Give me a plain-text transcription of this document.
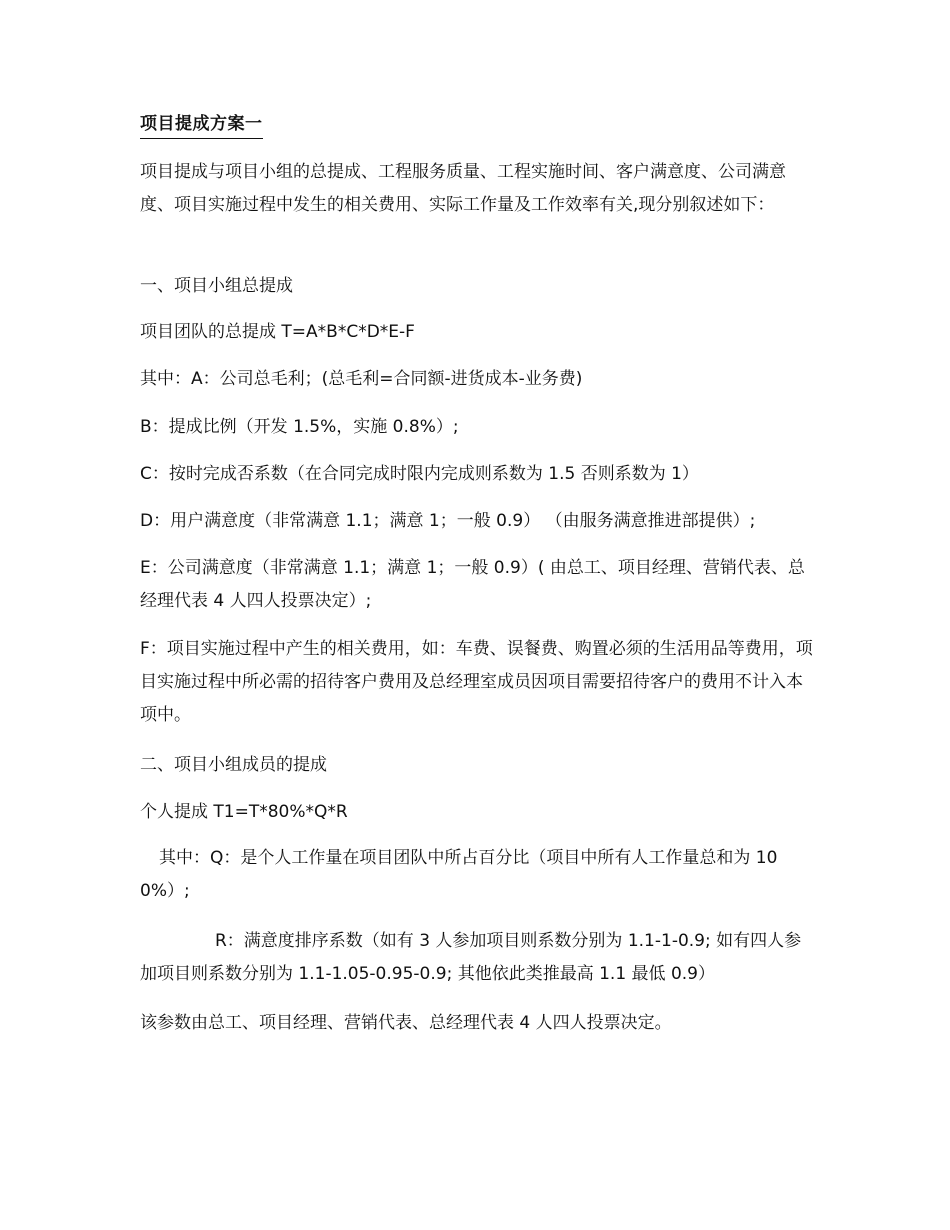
项目提成方案一

项目提成与项目小组的总提成、工程服务质量、工程实施时间、客户满意度、公司满意度、项目实施过程中发生的相关费用、实际工作量及工作效率有关,现分别叙述如下：

一、项目小组总提成

项目团队的总提成 T=A*B*C*D*E-F

其中：A：公司总毛利；(总毛利=合同额-进货成本-业务费)

B：提成比例（开发 1.5%，实施 0.8%）;

C：按时完成否系数（在合同完成时限内完成则系数为 1.5 否则系数为 1）

D：用户满意度（非常满意 1.1；满意 1；一般 0.9） （由服务满意推进部提供）;

E：公司满意度（非常满意 1.1；满意 1；一般 0.9）( 由总工、项目经理、营销代表、总经理代表 4 人四人投票决定）;

F：项目实施过程中产生的相关费用，如：车费、误餐费、购置必须的生活用品等费用，项目实施过程中所必需的招待客户费用及总经理室成员因项目需要招待客户的费用不计入本项中。

二、项目小组成员的提成

个人提成 T1=T*80%*Q*R

其中：Q：是个人工作量在项目团队中所占百分比（项目中所有人工作量总和为 100%）;

R：满意度排序系数（如有 3 人参加项目则系数分别为 1.1-1-0.9; 如有四人参加项目则系数分别为 1.1-1.05-0.95-0.9; 其他依此类推最高 1.1 最低 0.9）

该参数由总工、项目经理、营销代表、总经理代表 4 人四人投票决定。
